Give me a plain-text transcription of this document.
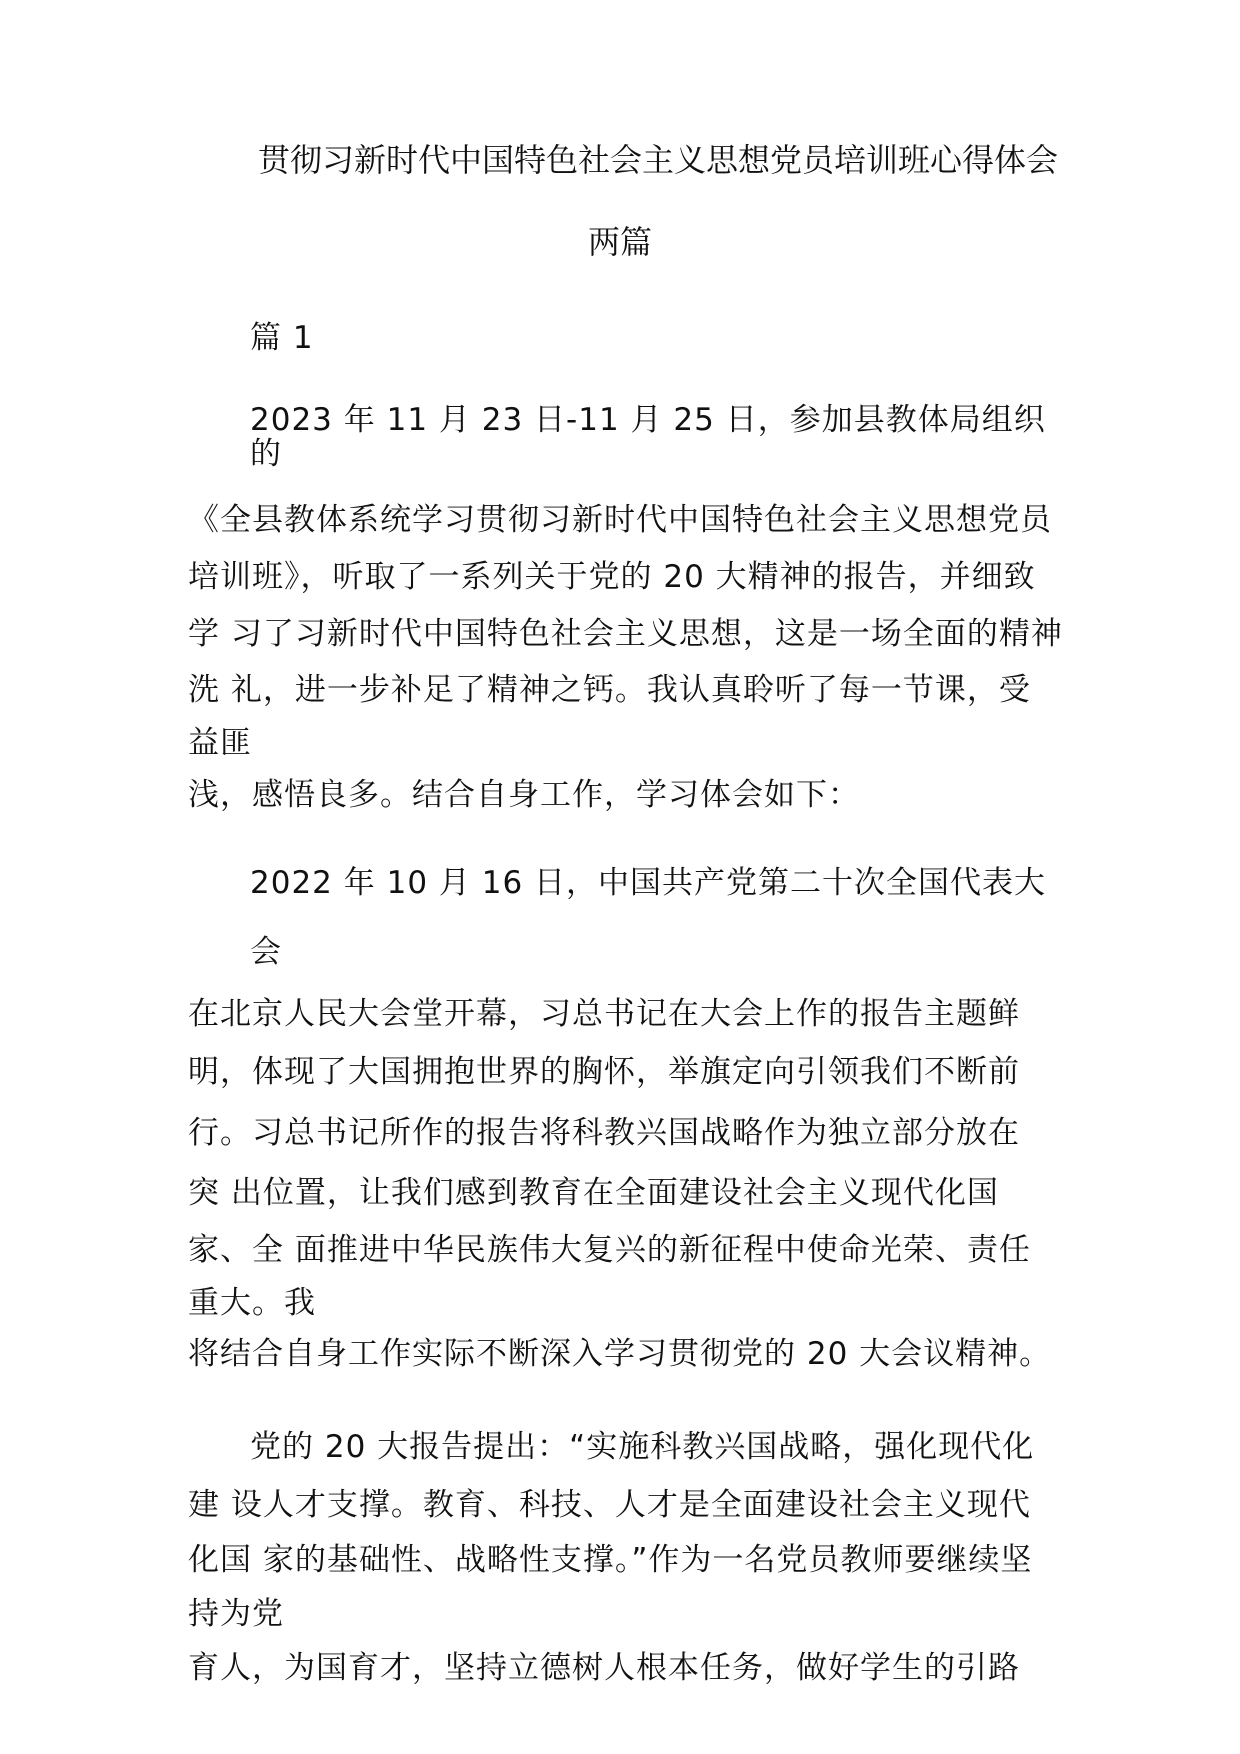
贯彻习新时代中国特色社会主义思想党员培训班心得体会
两篇
篇 1
2023 年 11 月 23 日-11 月 25 日，参加县教体局组织
的
《全县教体系统学习贯彻习新时代中国特色社会主义思想党员
培训班》，听取了一系列关于党的 20 大精神的报告，并细致
学 习了习新时代中国特色社会主义思想，这是一场全面的精神
洗 礼，进一步补足了精神之钙。我认真聆听了每一节课，受
益匪
浅，感悟良多。结合自身工作，学习体会如下：
2022 年 10 月 16 日，中国共产党第二十次全国代表大
会
在北京人民大会堂开幕，习总书记在大会上作的报告主题鲜
明，体现了大国拥抱世界的胸怀，举旗定向引领我们不断前
行。习总书记所作的报告将科教兴国战略作为独立部分放在
突 出位置，让我们感到教育在全面建设社会主义现代化国
家、全 面推进中华民族伟大复兴的新征程中使命光荣、责任
重大。我
将结合自身工作实际不断深入学习贯彻党的 20 大会议精神。
党的 20 大报告提出：“实施科教兴国战略，强化现代化
建 设人才支撑。教育、科技、人才是全面建设社会主义现代
化国 家的基础性、战略性支撑。”作为一名党员教师要继续坚
持为党
育人，为国育才，坚持立德树人根本任务，做好学生的引路
